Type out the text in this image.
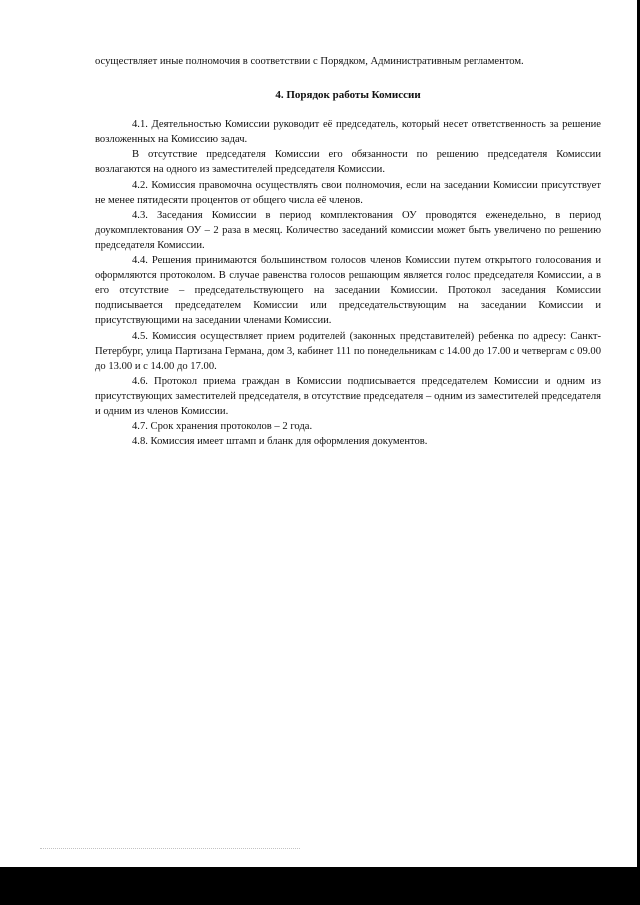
осуществляет иные полномочия в соответствии с Порядком, Административным регламентом.

4. Порядок работы Комиссии

4.1. Деятельностью Комиссии руководит её председатель, который несет ответственность за решение возложенных на Комиссию задач.

В отсутствие председателя Комиссии его обязанности по решению председателя Комиссии возлагаются на одного из заместителей председателя Комиссии.

4.2. Комиссия правомочна осуществлять свои полномочия, если на заседании Комиссии присутствует не менее пятидесяти процентов от общего числа её членов.

4.3. Заседания Комиссии в период комплектования ОУ проводятся еженедельно, в период доукомплектования ОУ – 2 раза в месяц. Количество заседаний комиссии может быть увеличено по решению председателя Комиссии.

4.4. Решения принимаются большинством голосов членов Комиссии путем открытого голосования и оформляются протоколом. В случае равенства голосов решающим является голос председателя Комиссии, а в его отсутствие – председательствующего на заседании Комиссии. Протокол заседания Комиссии подписывается председателем Комиссии или председательствующим на заседании Комиссии и присутствующими на заседании членами Комиссии.

4.5. Комиссия осуществляет прием родителей (законных представителей) ребенка по адресу: Санкт-Петербург, улица Партизана Германа, дом 3, кабинет 111 по понедельникам с 14.00 до 17.00 и четвергам с 09.00 до 13.00 и с 14.00 до 17.00.

4.6. Протокол приема граждан в Комиссии подписывается председателем Комиссии и одним из присутствующих заместителей председателя, в отсутствие председателя – одним из заместителей председателя и одним из членов Комиссии.

4.7. Срок хранения протоколов – 2 года.

4.8. Комиссия имеет штамп и бланк для оформления документов.
